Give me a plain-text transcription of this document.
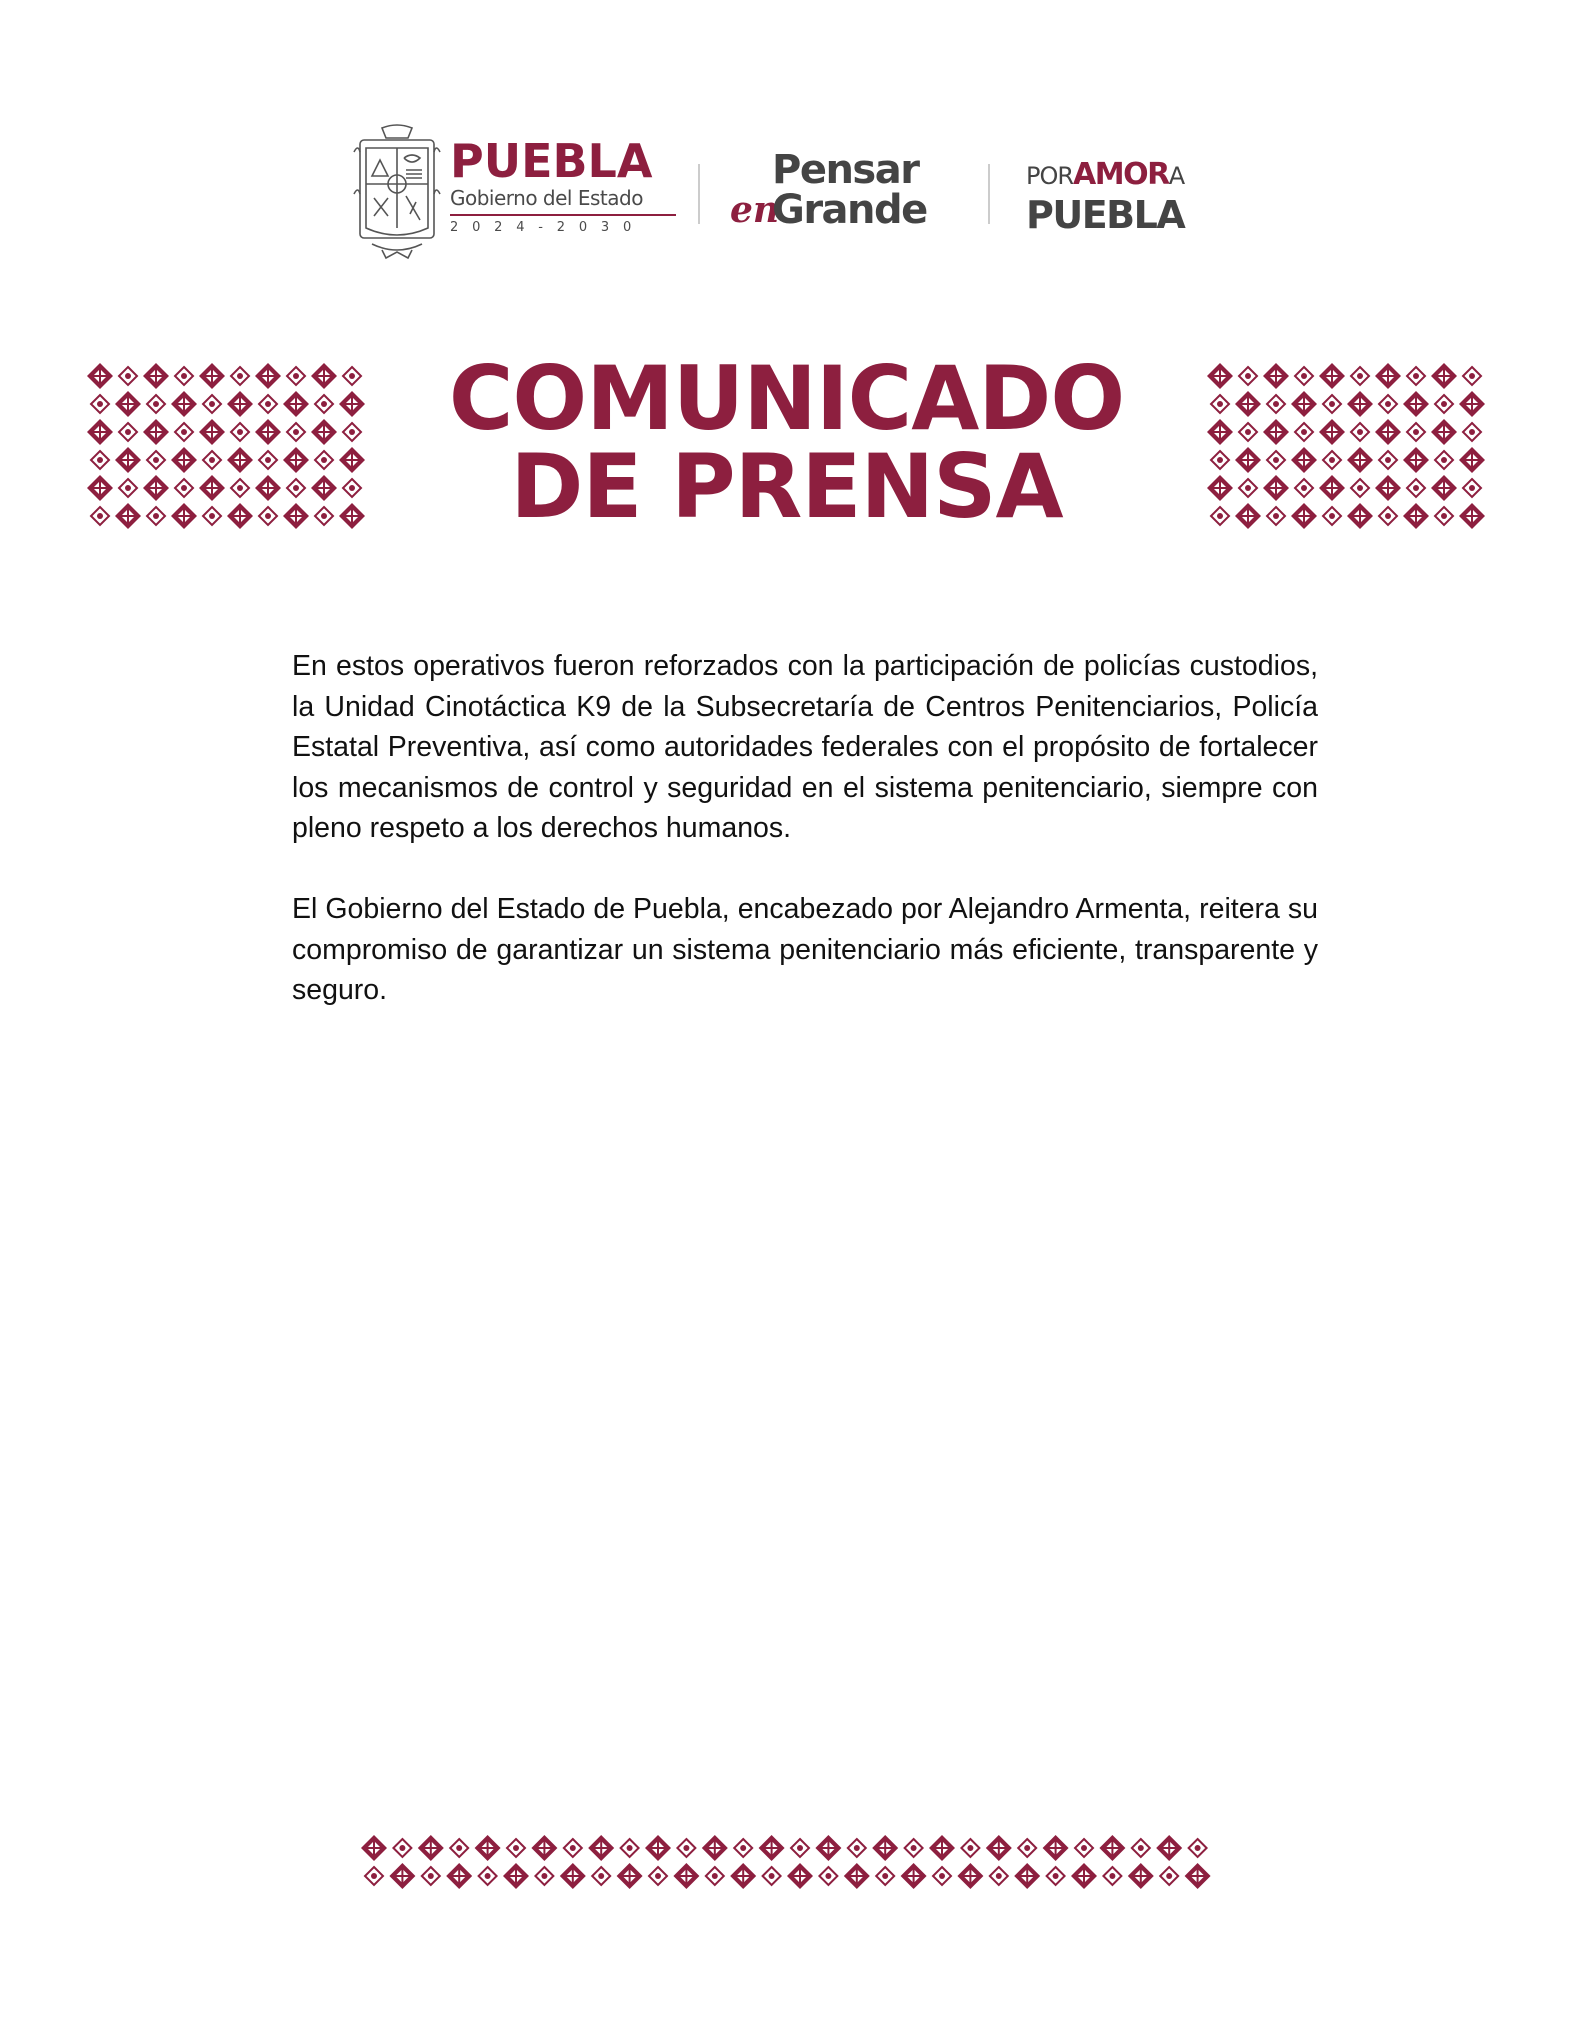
PUEBLA
Gobierno del Estado
2024-2030
Pensar
en
Grande
PORAMORA
PUEBLA
COMUNICADO
DE PRENSA

En estos operativos fueron reforzados con la participación de policías custodios, la Unidad Cinotáctica K9 de la Subsecretaría de Centros Penitenciarios, Policía Estatal Preventiva, así como autoridades federales con el propósito de fortalecer los mecanismos de control y seguridad en el sistema penitenciario, siempre con pleno respeto a los derechos humanos.

El Gobierno del Estado de Puebla, encabezado por Alejandro Armenta, reitera su compromiso de garantizar un sistema penitenciario más eficiente, transparente y seguro.
